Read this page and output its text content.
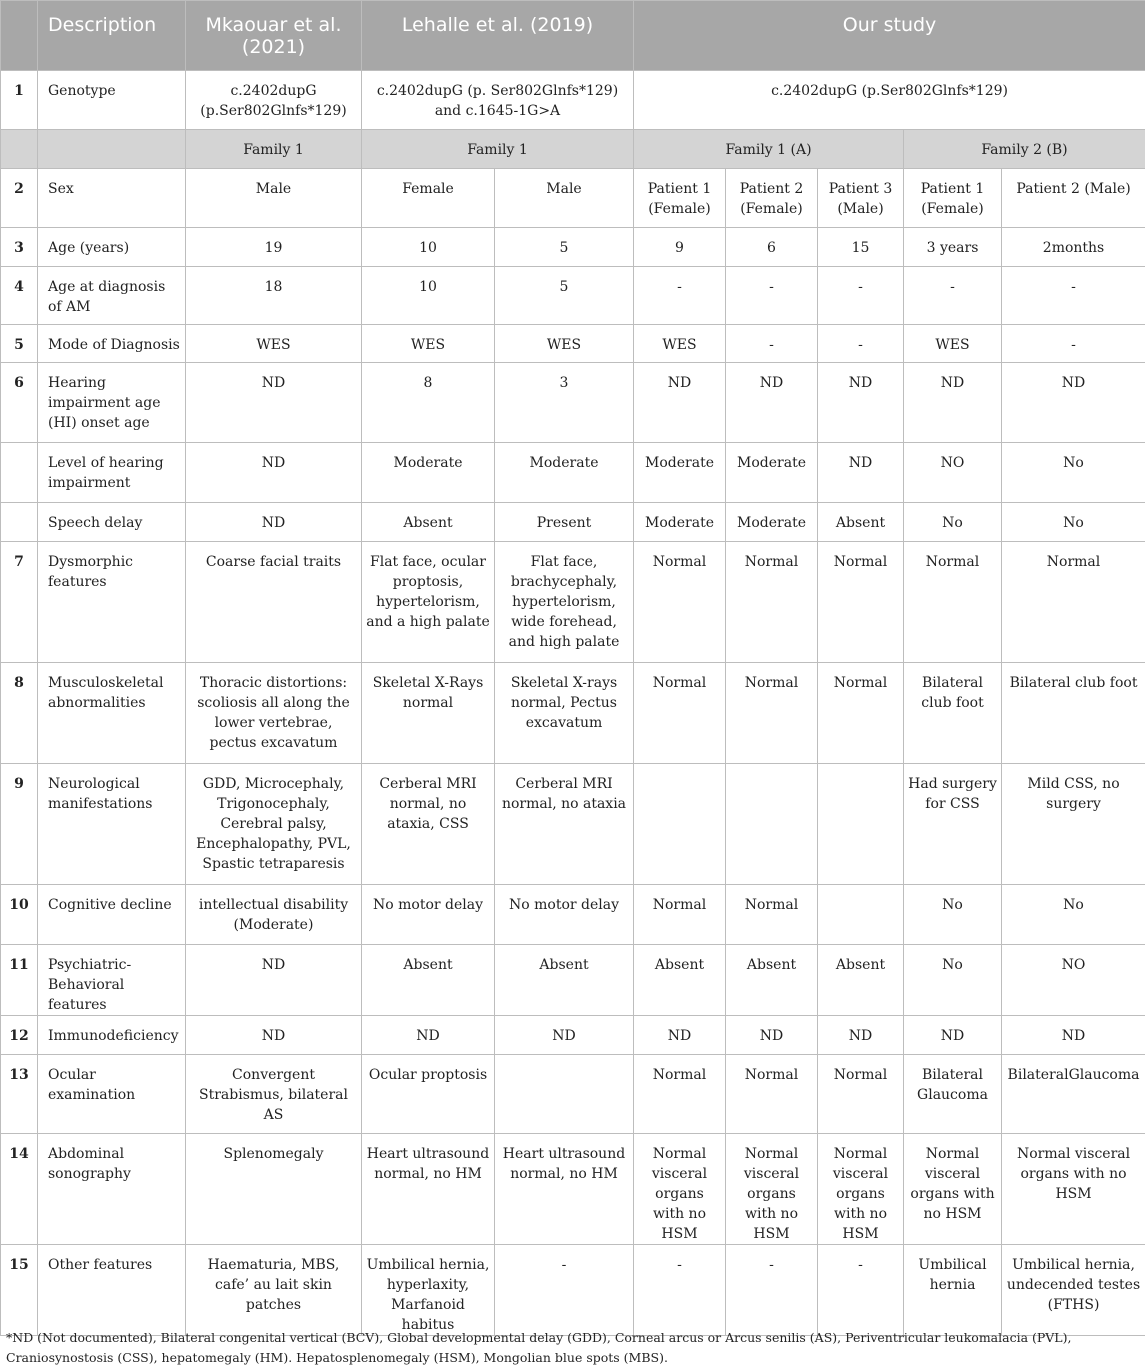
	Description	Mkaouar et al. (2021)	Lehalle et al. (2019)		Our study				
1	Genotype	c.2402dupG (p.Ser802Glnfs*129)	c.2402dupG (p. Ser802Glnfs*129) and c.1645-1G>A		c.2402dupG (p.Ser802Glnfs*129)				
		Family 1	Family 1		Family 1 (A)			Family 2 (B)	
2	Sex	Male	Female	Male	Patient 1 (Female)	Patient 2 (Female)	Patient 3 (Male)	Patient 1 (Female)	Patient 2 (Male)
3	Age (years)	19	10	5	9	6	15	3 years	2months
4	Age at diagnosis of AM	18	10	5	-	-	-	-	-
5	Mode of Diagnosis	WES	WES	WES	WES	-	-	WES	-
6	Hearing impairment age (HI) onset age	ND	8	3	ND	ND	ND	ND	ND
	Level of hearing impairment	ND	Moderate	Moderate	Moderate	Moderate	ND	NO	No
	Speech delay	ND	Absent	Present	Moderate	Moderate	Absent	No	No
7	Dysmorphic features	Coarse facial traits	Flat face, ocular proptosis, hypertelorism, and a high palate	Flat face, brachycephaly, hypertelorism, wide forehead, and high palate	Normal	Normal	Normal	Normal	Normal
8	Musculoskeletal abnormalities	Thoracic distortions: scoliosis all along the lower vertebrae, pectus excavatum	Skeletal X-Rays normal	Skeletal X-rays normal, Pectus excavatum	Normal	Normal	Normal	Bilateral club foot	Bilateral club foot
9	Neurological manifestations	GDD, Microcephaly, Trigonocephaly, Cerebral palsy, Encephalopathy, PVL, Spastic tetraparesis	Cerberal MRI normal, no ataxia, CSS	Cerberal MRI normal, no ataxia				Had surgery for CSS	Mild CSS, no surgery
10	Cognitive decline	intellectual disability (Moderate)	No motor delay	No motor delay	Normal	Normal		No	No
11	Psychiatric-Behavioral features	ND	Absent	Absent	Absent	Absent	Absent	No	NO
12	Immunodeficiency	ND	ND	ND	ND	ND	ND	ND	ND
13	Ocular examination	Convergent Strabismus, bilateral AS	Ocular proptosis		Normal	Normal	Normal	Bilateral Glaucoma	BilateralGlaucoma
14	Abdominal sonography	Splenomegaly	Heart ultrasound normal, no HM	Heart ultrasound normal, no HM	Normal visceral organs with no HSM	Normal visceral organs with no HSM	Normal visceral organs with no HSM	Normal visceral organs with no HSM	Normal visceral organs with no HSM
15	Other features	Haematuria, MBS, cafe’ au lait skin patches	Umbilical hernia, hyperlaxity, Marfanoid habitus	-	-	-	-	Umbilical hernia	Umbilical hernia, undecended testes (FTHS)
*ND (Not documented), Bilateral congenital vertical (BCV), Global developmental delay (GDD), Corneal arcus or Arcus senilis (AS), Periventricular leukomalacia (PVL), Craniosynostosis (CSS), hepatomegaly (HM). Hepatosplenomegaly (HSM), Mongolian blue spots (MBS).
